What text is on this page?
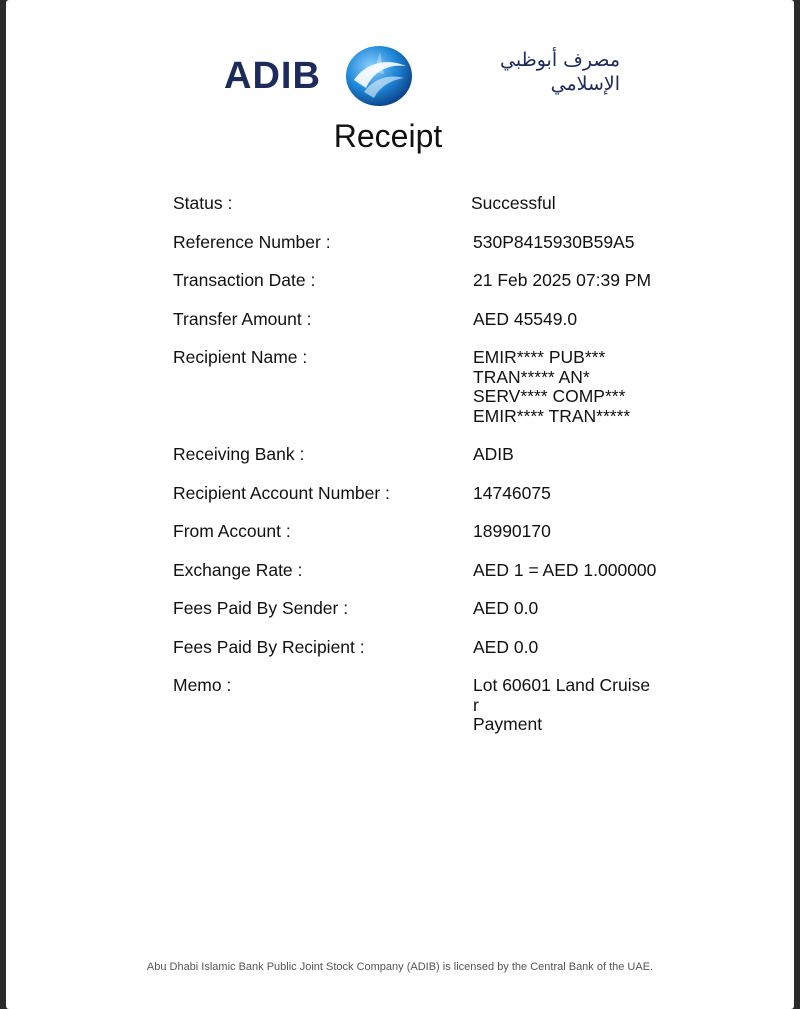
ADIB	مصرف أبوظبي
الإسلامي
Receipt
Status :	Successful
Reference Number :	530P8415930B59A5
Transaction Date :	21 Feb 2025 07:39 PM
Transfer Amount :	AED 45549.0
Recipient Name :	EMIR**** PUB***
TRAN***** AN*
SERV**** COMP***
EMIR**** TRAN*****
Receiving Bank :	ADIB
Recipient Account Number :	14746075
From Account :	18990170
Exchange Rate :	AED 1 = AED 1.000000
Fees Paid By Sender :	AED 0.0
Fees Paid By Recipient :	AED 0.0
Memo :	Lot 60601 Land Cruise
r
Payment
Abu Dhabi Islamic Bank Public Joint Stock Company (ADIB) is licensed by the Central Bank of the UAE.
